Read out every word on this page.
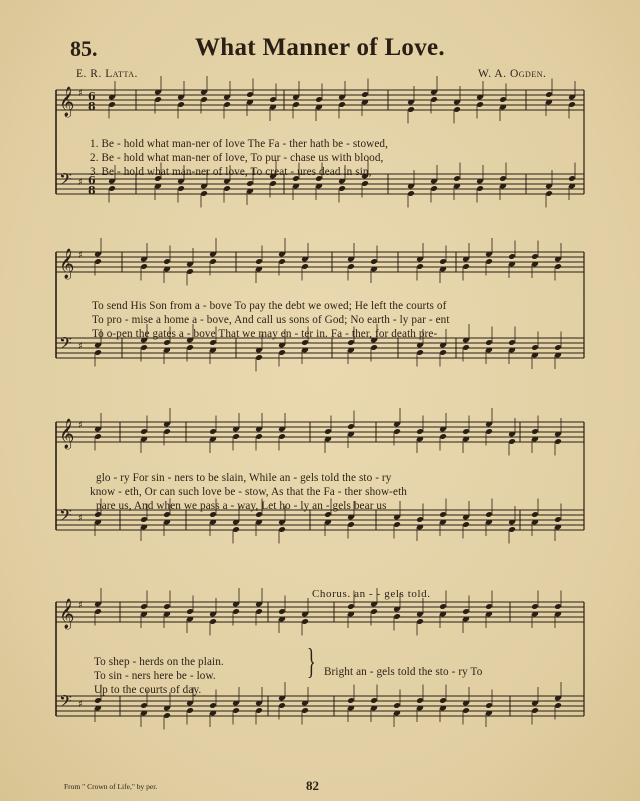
85.	What Manner of Love.
E. R. Latta.	W. A. Ogden.
𝄞 ♯ 6
8
𝄢 ♯ 6
8
𝄞 ♯
𝄢 ♯
𝄞 ♯
𝄢 ♯
𝄞 ♯
𝄢 ♯
1. Be - hold what man-ner of love The Fa - ther hath be - stowed,
2. Be - hold what man-ner of love, To pur - chase us with blood,
3. Be - hold what man-ner of love, To creat - ures dead in sin,
To send His Son from a - bove To pay the debt we owed; He left the courts of
To pro - mise a home a - bove, And call us sons of God; No earth - ly par - ent
To o-pen the gates a - bove That we may en - ter in. Fa - ther, for death pre-
glo - ry For sin - ners to be slain, While an - gels told the sto - ry
know - eth, Or can such love be - stow, As that the Fa - ther show-eth
pare us, And when we pass a - way, Let ho - ly an - gels bear us
Chorus. an - - gels told.
To shep - herds on the plain.
To sin - ners here be - low.
Up to the courts of day.
} Bright an - gels told the sto - ry To
From " Crown of Life," by per.	82
